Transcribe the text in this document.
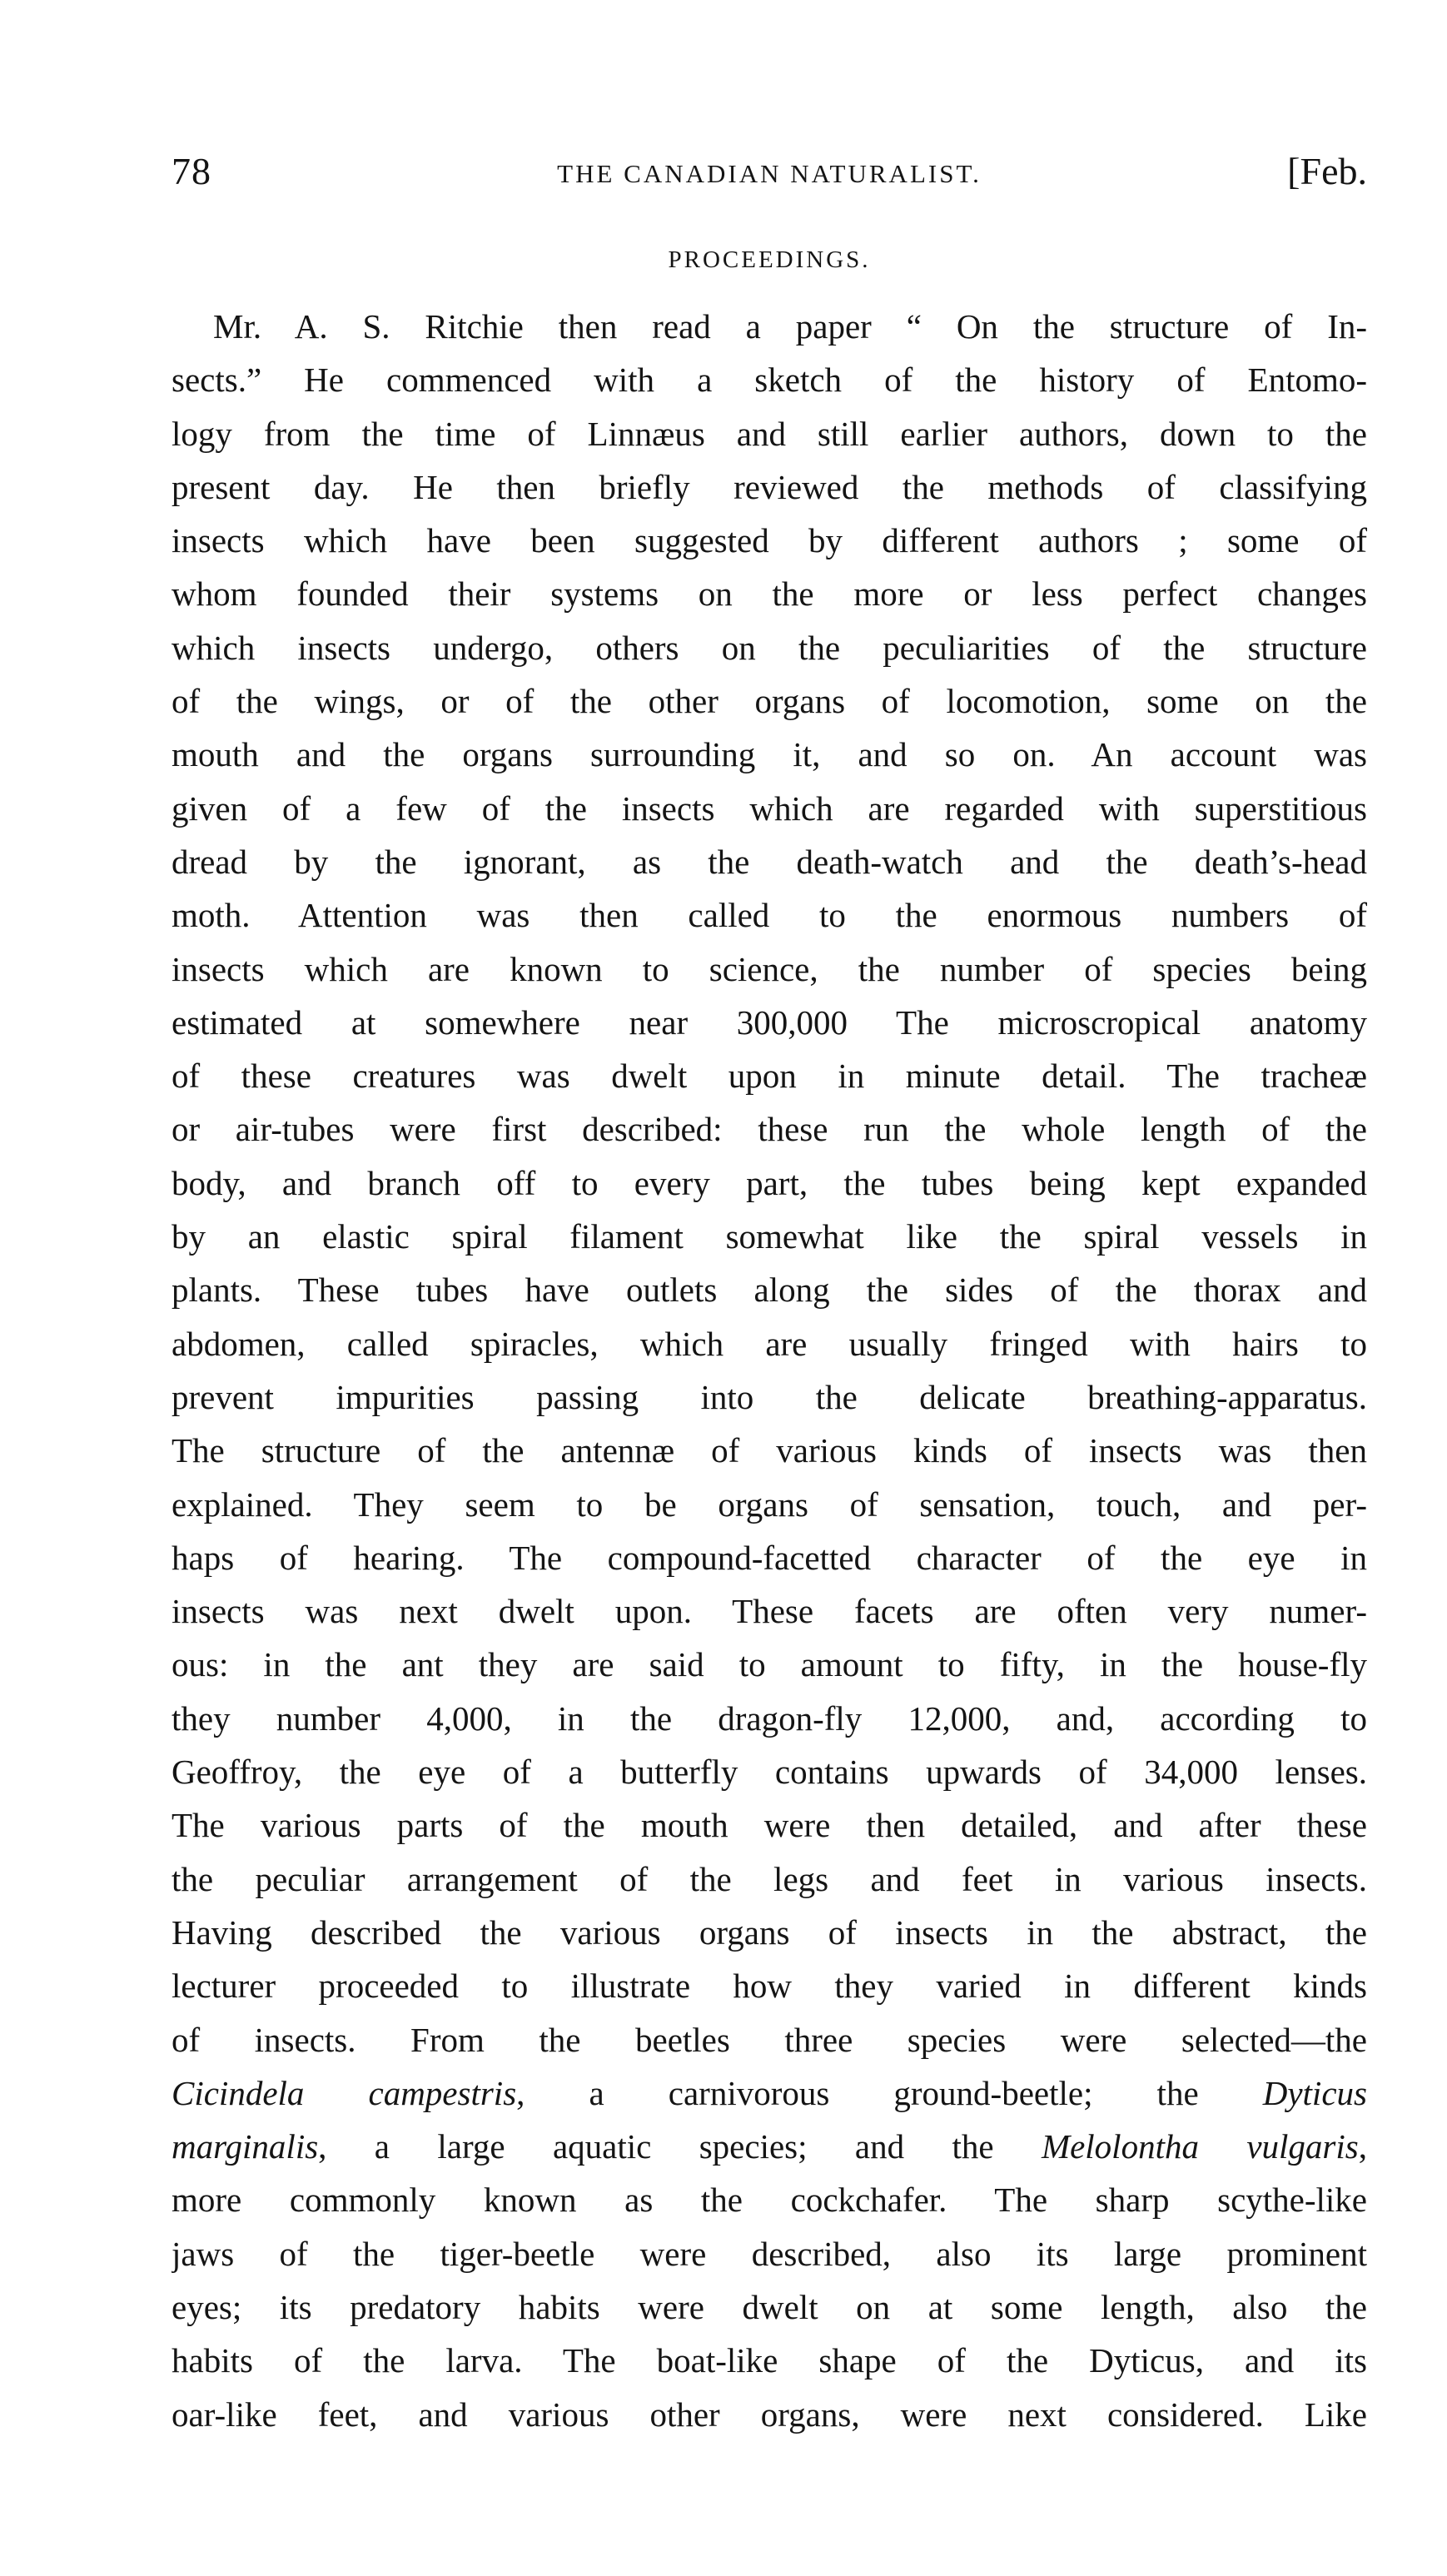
78	THE CANADIAN NATURALIST.	[Feb.
PROCEEDINGS.
Mr. A. S. Ritchie then read a paper “ On the structure of In-
sects.” He commenced with a sketch of the history of Entomo-
logy from the time of Linnæus and still earlier authors, down to the
present day. He then briefly reviewed the methods of classifying
insects which have been suggested by different authors ; some of
whom founded their systems on the more or less perfect changes
which insects undergo, others on the peculiarities of the structure
of the wings, or of the other organs of locomotion, some on the
mouth and the organs surrounding it, and so on. An account was
given of a few of the insects which are regarded with superstitious
dread by the ignorant, as the death-watch and the death’s-head
moth. Attention was then called to the enormous numbers of
insects which are known to science, the number of species being
estimated at somewhere near 300,000 The microscropical anatomy
of these creatures was dwelt upon in minute detail. The tracheæ
or air-tubes were first described: these run the whole length of the
body, and branch off to every part, the tubes being kept expanded
by an elastic spiral filament somewhat like the spiral vessels in
plants. These tubes have outlets along the sides of the thorax and
abdomen, called spiracles, which are usually fringed with hairs to
prevent impurities passing into the delicate breathing-apparatus.
The structure of the antennæ of various kinds of insects was then
explained. They seem to be organs of sensation, touch, and per-
haps of hearing. The compound-facetted character of the eye in
insects was next dwelt upon. These facets are often very numer-
ous: in the ant they are said to amount to fifty, in the house-fly
they number 4,000, in the dragon-fly 12,000, and, according to
Geoffroy, the eye of a butterfly contains upwards of 34,000 lenses.
The various parts of the mouth were then detailed, and after these
the peculiar arrangement of the legs and feet in various insects.
Having described the various organs of insects in the abstract, the
lecturer proceeded to illustrate how they varied in different kinds
of insects. From the beetles three species were selected—the
Cicindela campestris, a carnivorous ground-beetle; the Dyticus
marginalis, a large aquatic species; and the Melolontha vulgaris,
more commonly known as the cockchafer. The sharp scythe-like
jaws of the tiger-beetle were described, also its large prominent
eyes; its predatory habits were dwelt on at some length, also the
habits of the larva. The boat-like shape of the Dyticus, and its
oar-like feet, and various other organs, were next considered. Like
